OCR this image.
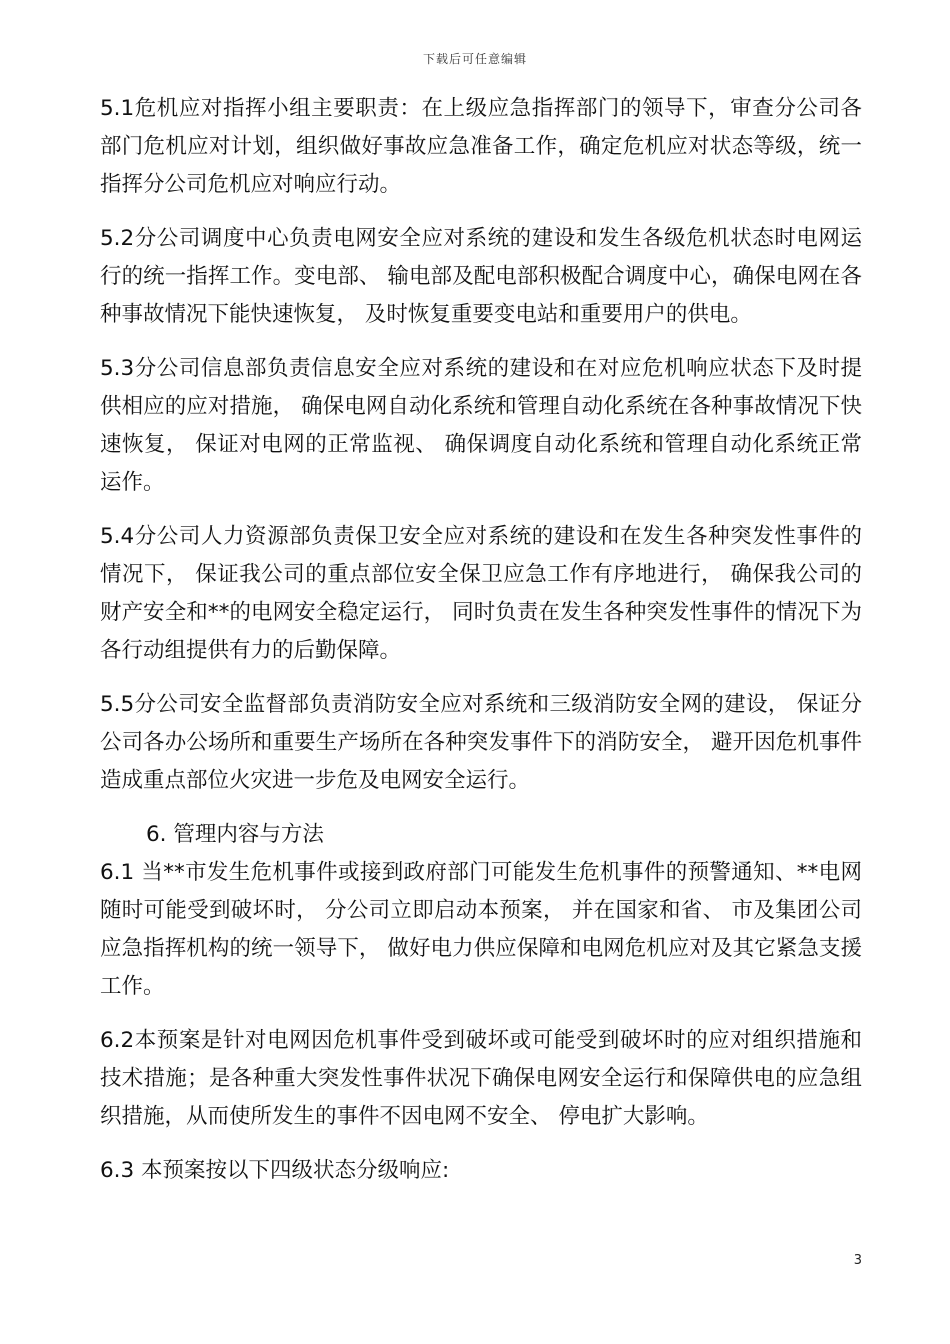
下载后可任意编辑

5.1危机应对指挥小组主要职责：在上级应急指挥部门的领导下，审查分公司各部门危机应对计划，组织做好事故应急准备工作，确定危机应对状态等级，统一指挥分公司危机应对响应行动。

5.2分公司调度中心负责电网安全应对系统的建设和发生各级危机状态时电网运行的统一指挥工作。变电部、 输电部及配电部积极配合调度中心，确保电网在各种事故情况下能快速恢复， 及时恢复重要变电站和重要用户的供电。

5.3分公司信息部负责信息安全应对系统的建设和在对应危机响应状态下及时提供相应的应对措施， 确保电网自动化系统和管理自动化系统在各种事故情况下快速恢复， 保证对电网的正常监视、 确保调度自动化系统和管理自动化系统正常运作。

5.4分公司人力资源部负责保卫安全应对系统的建设和在发生各种突发性事件的情况下， 保证我公司的重点部位安全保卫应急工作有序地进行， 确保我公司的财产安全和**的电网安全稳定运行， 同时负责在发生各种突发性事件的情况下为各行动组提供有力的后勤保障。

5.5分公司安全监督部负责消防安全应对系统和三级消防安全网的建设， 保证分公司各办公场所和重要生产场所在各种突发事件下的消防安全， 避开因危机事件造成重点部位火灾进一步危及电网安全运行。

6. 管理内容与方法

6.1 当**市发生危机事件或接到政府部门可能发生危机事件的预警通知、**电网随时可能受到破坏时， 分公司立即启动本预案， 并在国家和省、 市及集团公司应急指挥机构的统一领导下， 做好电力供应保障和电网危机应对及其它紧急支援工作。

6.2本预案是针对电网因危机事件受到破坏或可能受到破坏时的应对组织措施和技术措施；是各种重大突发性事件状况下确保电网安全运行和保障供电的应急组织措施，从而使所发生的事件不因电网不安全、 停电扩大影响。

6.3 本预案按以下四级状态分级响应:

3
